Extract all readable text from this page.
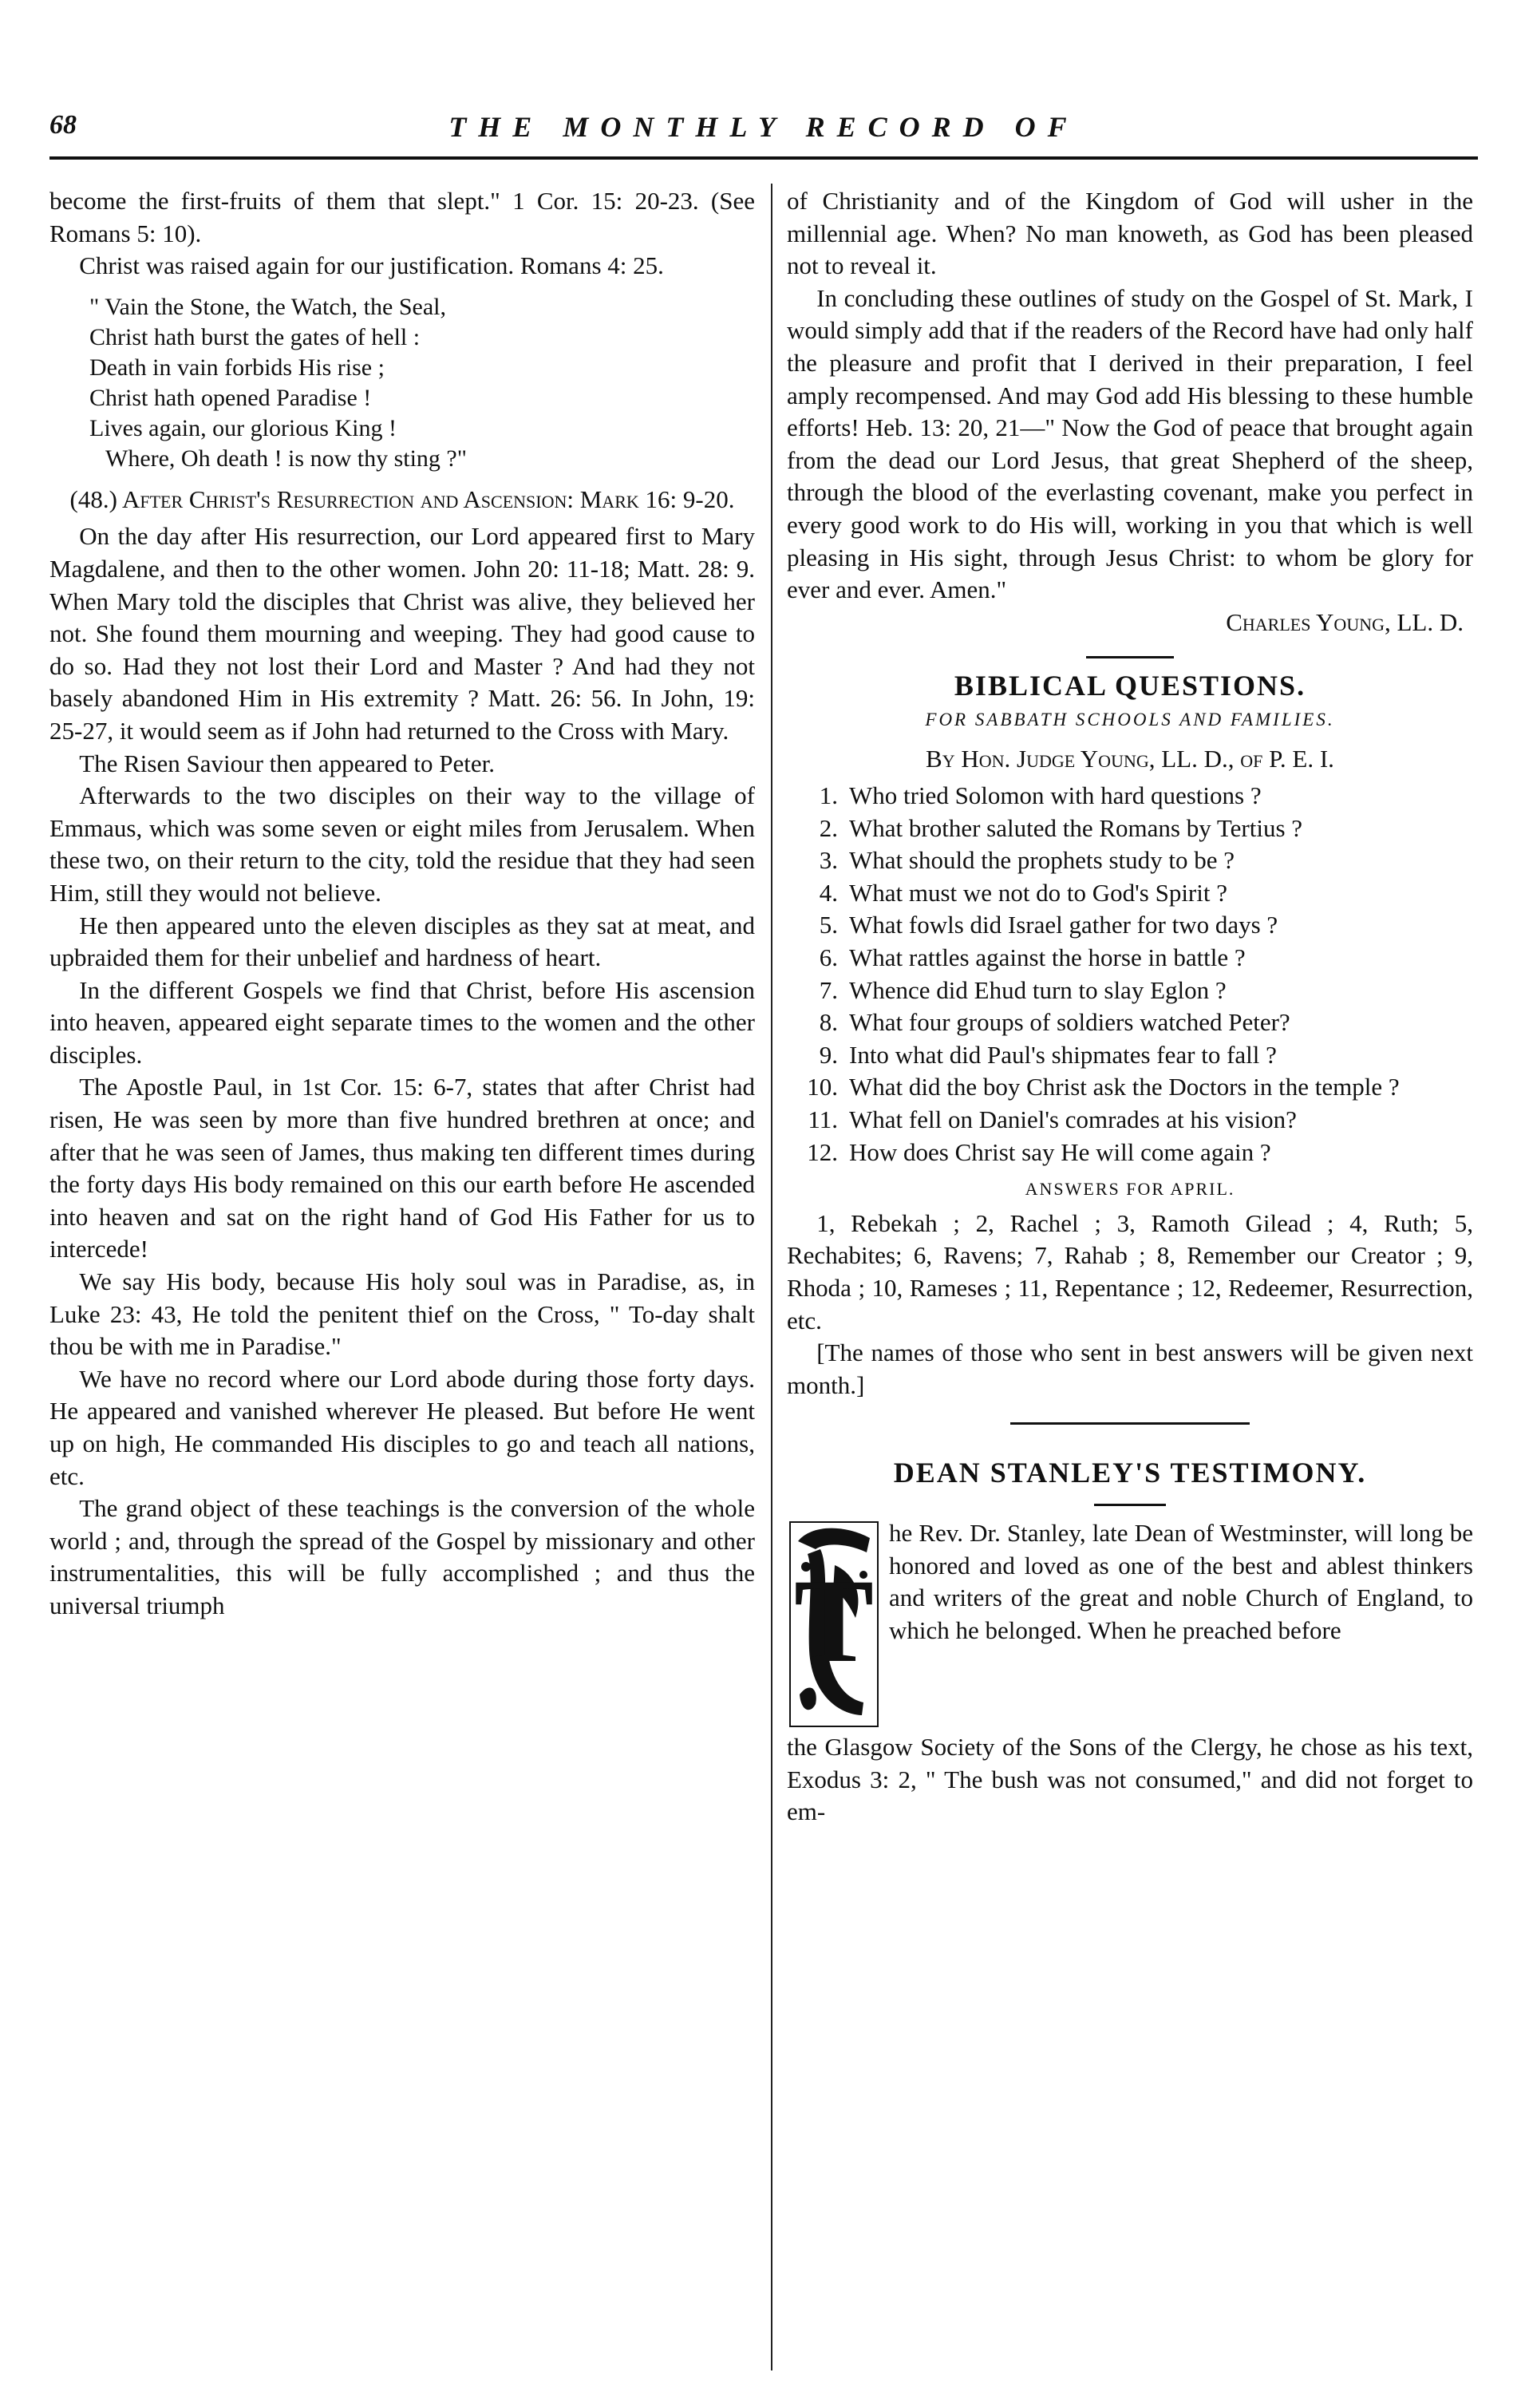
68	THE MONTHLY RECORD OF

become the first-fruits of them that slept." 1 Cor. 15: 20-23. (See Romans 5: 10).

Christ was raised again for our justification. Romans 4: 25.

" Vain the Stone, the Watch, the Seal,
Christ hath burst the gates of hell :
Death in vain forbids His rise ;
Christ hath opened Paradise !
Lives again, our glorious King !
Where, Oh death ! is now thy sting ?"
(48.) After Christ's Resurrection and Ascension: Mark 16: 9-20.

On the day after His resurrection, our Lord appeared first to Mary Magdalene, and then to the other women. John 20: 11-18; Matt. 28: 9. When Mary told the disciples that Christ was alive, they believed her not. She found them mourning and weeping. They had good cause to do so. Had they not lost their Lord and Master ? And had they not basely abandoned Him in His extremity ? Matt. 26: 56. In John, 19: 25-27, it would seem as if John had returned to the Cross with Mary.

The Risen Saviour then appeared to Peter.

Afterwards to the two disciples on their way to the village of Emmaus, which was some seven or eight miles from Jerusalem. When these two, on their return to the city, told the residue that they had seen Him, still they would not believe.

He then appeared unto the eleven disciples as they sat at meat, and upbraided them for their unbelief and hardness of heart.

In the different Gospels we find that Christ, before His ascension into heaven, appeared eight separate times to the women and the other disciples.

The Apostle Paul, in 1st Cor. 15: 6-7, states that after Christ had risen, He was seen by more than five hundred brethren at once; and after that he was seen of James, thus making ten different times during the forty days His body remained on this our earth before He ascended into heaven and sat on the right hand of God His Father for us to intercede!

We say His body, because His holy soul was in Paradise, as, in Luke 23: 43, He told the penitent thief on the Cross, " To-day shalt thou be with me in Paradise."

We have no record where our Lord abode during those forty days. He appeared and vanished wherever He pleased. But before He went up on high, He commanded His disciples to go and teach all nations, etc.

The grand object of these teachings is the conversion of the whole world ; and, through the spread of the Gospel by missionary and other instrumentalities, this will be fully accomplished ; and thus the universal triumph

of Christianity and of the Kingdom of God will usher in the millennial age. When? No man knoweth, as God has been pleased not to reveal it.

In concluding these outlines of study on the Gospel of St. Mark, I would simply add that if the readers of the Record have had only half the pleasure and profit that I derived in their preparation, I feel amply recompensed. And may God add His blessing to these humble efforts! Heb. 13: 20, 21—" Now the God of peace that brought again from the dead our Lord Jesus, that great Shepherd of the sheep, through the blood of the everlasting covenant, make you perfect in every good work to do His will, working in you that which is well pleasing in His sight, through Jesus Christ: to whom be glory for ever and ever. Amen."

Charles Young, LL. D.

BIBLICAL QUESTIONS.
FOR SABBATH SCHOOLS AND FAMILIES.
By Hon. Judge Young, LL. D., of P. E. I.
1. Who tried Solomon with hard questions ?
2. What brother saluted the Romans by Tertius ?
3. What should the prophets study to be ?
4. What must we not do to God's Spirit ?
5. What fowls did Israel gather for two days ?
6. What rattles against the horse in battle ?
7. Whence did Ehud turn to slay Eglon ?
8. What four groups of soldiers watched Peter?
9. Into what did Paul's shipmates fear to fall ?
10. What did the boy Christ ask the Doctors in the temple ?
11. What fell on Daniel's comrades at his vision?
12. How does Christ say He will come again ?
ANSWERS FOR APRIL.

1, Rebekah ; 2, Rachel ; 3, Ramoth Gilead ; 4, Ruth; 5, Rechabites; 6, Ravens; 7, Rahab ; 8, Remember our Creator ; 9, Rhoda ; 10, Rameses ; 11, Repentance ; 12, Redeemer, Resurrection, etc.

[The names of those who sent in best answers will be given next month.]

DEAN STANLEY'S TESTIMONY.
T

he Rev. Dr. Stanley, late Dean of Westminster, will long be honored and loved as one of the best and ablest thinkers and writers of the great and noble Church of England, to which he belonged. When he preached before

the Glasgow Society of the Sons of the Clergy, he chose as his text, Exodus 3: 2, " The bush was not consumed," and did not forget to em-
